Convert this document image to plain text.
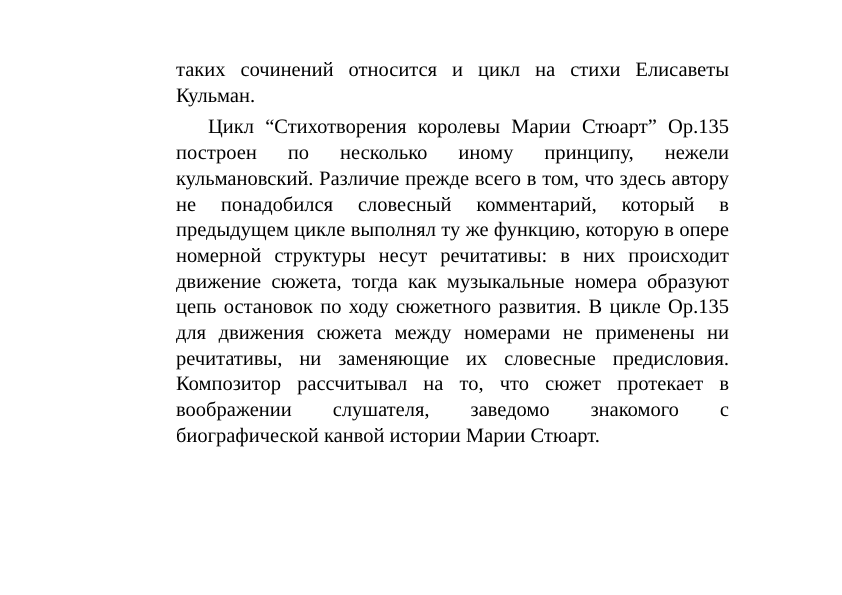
таких сочинений относится и цикл на стихи Елисаветы Кульман.

Цикл “Стихотворения королевы Марии Стюарт” Ор.135 построен по несколько иному принципу, нежели кульмановский. Различие прежде всего в том, что здесь автору не понадобился словесный комментарий, который в предыдущем цикле выполнял ту же функцию, которую в опере номерной структуры несут речитативы: в них происходит движение сюжета, тогда как музыкальные номера образуют цепь остановок по ходу сюжетного развития. В цикле Ор.135 для движения сюжета между номерами не применены ни речитативы, ни заменяющие их словесные предисловия. Композитор рассчитывал на то, что сюжет протекает в воображении слушателя, заведомо знакомого с биографической канвой истории Марии Стюарт.
